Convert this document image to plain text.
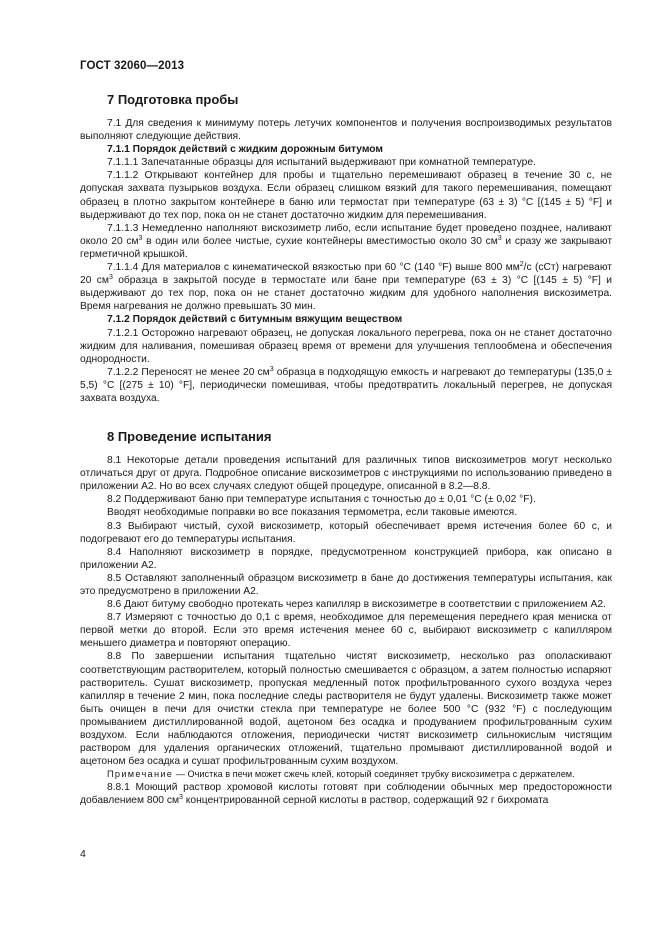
ГОСТ 32060—2013
7 Подготовка пробы

7.1 Для сведения к минимуму потерь летучих компонентов и получения воспроизводимых результатов выполняют следующие действия.

7.1.1 Порядок действий с жидким дорожным битумом

7.1.1.1 Запечатанные образцы для испытаний выдерживают при комнатной температуре.

7.1.1.2 Открывают контейнер для пробы и тщательно перемешивают образец в течение 30 с, не допуская захвата пузырьков воздуха. Если образец слишком вязкий для такого перемешивания, помещают образец в плотно закрытом контейнере в баню или термостат при температуре (63 ± 3) °С [(145 ± 5) °F] и выдерживают до тех пор, пока он не станет достаточно жидким для перемешивания.

7.1.1.3 Немедленно наполняют вискозиметр либо, если испытание будет проведено позднее, наливают около 20 $см^3$ в один или более чистые, сухие контейнеры вместимостью около 30 $см^3$ и сразу же закрывают герметичной крышкой.

7.1.1.4 Для материалов с кинематической вязкостью при 60 °С (140 °F) выше 800 $мм^2/с$ (сСт) нагревают 20 $см^3$ образца в закрытой посуде в термостате или бане при температуре (63 ± 3) °С [(145 ± 5) °F] и выдерживают до тех пор, пока он не станет достаточно жидким для удобного наполнения вискозиметра. Время нагревания не должно превышать 30 мин.

7.1.2 Порядок действий с битумным вяжущим веществом

7.1.2.1 Осторожно нагревают образец, не допуская локального перегрева, пока он не станет достаточно жидким для наливания, помешивая образец время от времени для улучшения теплообмена и обеспечения однородности.

7.1.2.2 Переносят не менее 20 $см^3$ образца в подходящую емкость и нагревают до температуры (135,0 ± 5,5) °С [(275 ± 10) °F], периодически помешивая, чтобы предотвратить локальный перегрев, не допуская захвата воздуха.

8 Проведение испытания

8.1 Некоторые детали проведения испытаний для различных типов вискозиметров могут несколько отличаться друг от друга. Подробное описание вискозиметров с инструкциями по использованию приведено в приложении А2. Но во всех случаях следуют общей процедуре, описанной в 8.2—8.8.

8.2 Поддерживают баню при температуре испытания с точностью до ± 0,01 °С (± 0,02 °F).

Вводят необходимые поправки во все показания термометра, если таковые имеются.

8.3 Выбирают чистый, сухой вискозиметр, который обеспечивает время истечения более 60 с, и подогревают его до температуры испытания.

8.4 Наполняют вискозиметр в порядке, предусмотренном конструкцией прибора, как описано в приложении А2.

8.5 Оставляют заполненный образцом вискозиметр в бане до достижения температуры испытания, как это предусмотрено в приложении А2.

8.6 Дают битуму свободно протекать через капилляр в вискозиметре в соответствии с приложением А2.

8.7 Измеряют с точностью до 0,1 с время, необходимое для перемещения переднего края мениска от первой метки до второй. Если это время истечения менее 60 с, выбирают вискозиметр с капилляром меньшего диаметра и повторяют операцию.

8.8 По завершении испытания тщательно чистят вискозиметр, несколько раз ополаскивают соответствующим растворителем, который полностью смешивается с образцом, а затем полностью испаряют растворитель. Сушат вискозиметр, пропуская медленный поток профильтрованного сухого воздуха через капилляр в течение 2 мин, пока последние следы растворителя не будут удалены. Вискозиметр также может быть очищен в печи для очистки стекла при температуре не более 500 °С (932 °F) с последующим промыванием дистиллированной водой, ацетоном без осадка и продуванием профильтрованным сухим воздухом. Если наблюдаются отложения, периодически чистят вискозиметр сильнокислым чистящим раствором для удаления органических отложений, тщательно промывают дистиллированной водой и ацетоном без осадка и сушат профильтрованным сухим воздухом.

Примечание — Очистка в печи может сжечь клей, который соединяет трубку вискозиметра с держателем.

8.8.1 Моющий раствор хромовой кислоты готовят при соблюдении обычных мер предосторожности добавлением 800 $см^3$ концентрированной серной кислоты в раствор, содержащий 92 г бихромата

4
